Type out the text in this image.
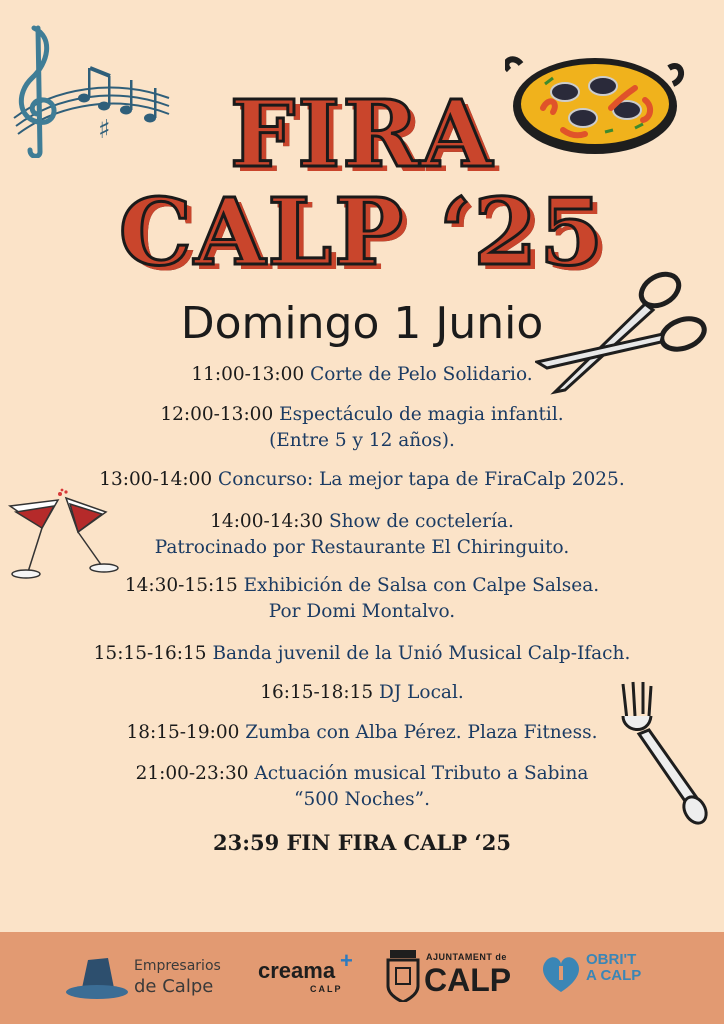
♯	FIRA
CALP ‘25
Domingo 1 Junio
11:00-13:00 Corte de Pelo Solidario.
12:00-13:00 Espectáculo de magia infantil.
(Entre 5 y 12 años).
13:00-14:00 Concurso: La mejor tapa de FiraCalp 2025.
14:00-14:30 Show de coctelería.
Patrocinado por Restaurante El Chiringuito.
14:30-15:15 Exhibición de Salsa con Calpe Salsea.
Por Domi Montalvo.
15:15-16:15 Banda juvenil de la Unió Musical Calp-Ifach.
16:15-18:15 DJ Local.
18:15-19:00 Zumba con Alba Pérez. Plaza Fitness.
21:00-23:30 Actuación musical Tributo a Sabina
“500 Noches”.
23:59 FIN FIRA CALP ‘25
Empresarios
de Calpe
creama +
CALP
AJUNTAMENT de
CALP
OBRI'T
A CALP
